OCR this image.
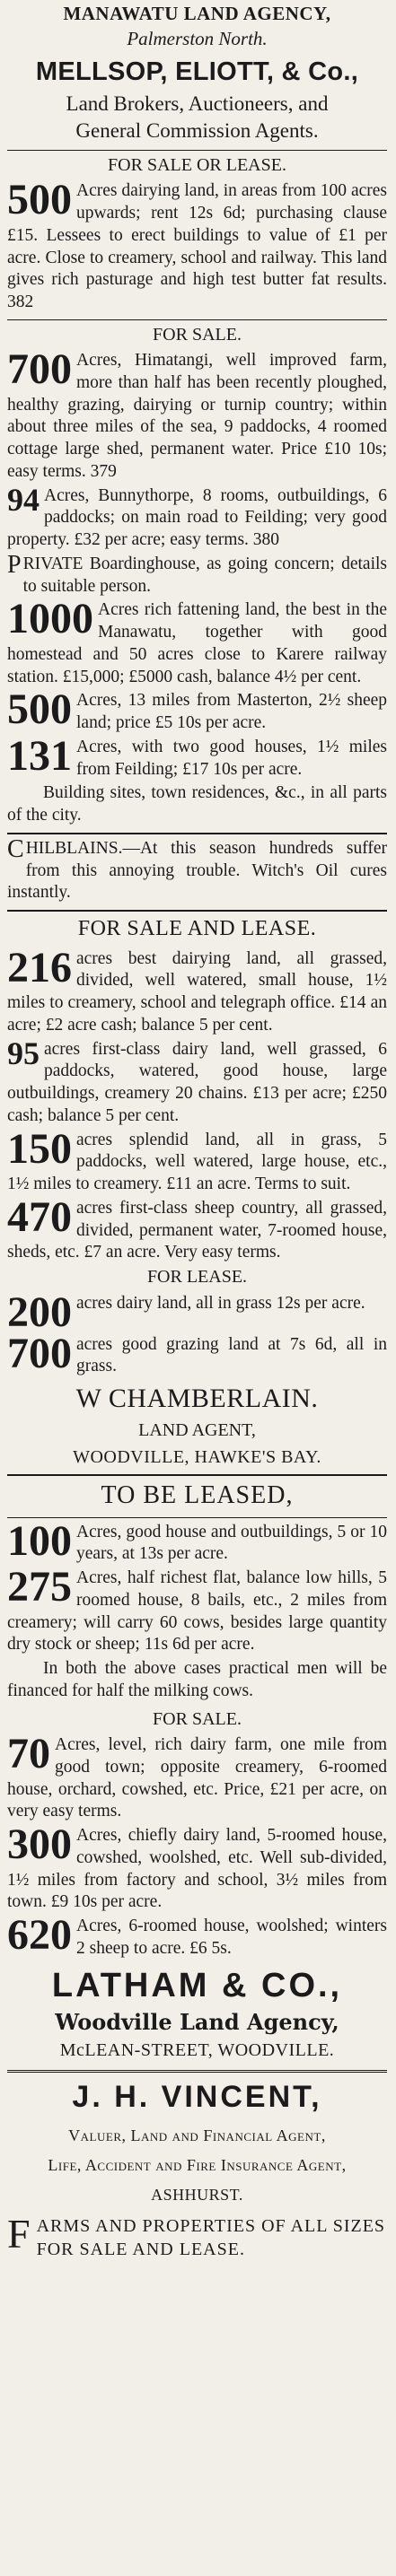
MANAWATU LAND AGENCY,
Palmerston North.
MELLSOP, ELIOTT, & Co.,
Land Brokers, Auctioneers, and
General Commission Agents.
FOR SALE OR LEASE.
500 Acres dairying land, in areas from 100 acres upwards; rent 12s 6d; purchasing clause £15. Lessees to erect buildings to value of £1 per acre. Close to creamery, school and railway. This land gives rich pasturage and high test butter fat results. 382
FOR SALE.
700 Acres, Himatangi, well improved farm, more than half has been recently ploughed, healthy grazing, dairying or turnip country; within about three miles of the sea, 9 paddocks, 4 roomed cottage large shed, permanent water. Price £10 10s; easy terms. 379
94 Acres, Bunnythorpe, 8 rooms, outbuildings, 6 paddocks; on main road to Feilding; very good property. £32 per acre; easy terms. 380
P RIVATE Boardinghouse, as going concern; details to suitable person.
1000 Acres rich fattening land, the best in the Manawatu, together with good homestead and 50 acres close to Karere railway station. £15,000; £5000 cash, balance 4½ per cent.
500 Acres, 13 miles from Masterton, 2½ sheep land; price £5 10s per acre.
131 Acres, with two good houses, 1½ miles from Feilding; £17 10s per acre.
Building sites, town residences, &c., in all parts of the city.
C HILBLAINS.—At this season hundreds suffer from this annoying trouble. Witch's Oil cures instantly.
FOR SALE AND LEASE.
216 acres best dairying land, all grassed, divided, well watered, small house, 1½ miles to creamery, school and telegraph office. £14 an acre; £2 acre cash; balance 5 per cent.
95 acres first-class dairy land, well grassed, 6 paddocks, watered, good house, large outbuildings, creamery 20 chains. £13 per acre; £250 cash; balance 5 per cent.
150 acres splendid land, all in grass, 5 paddocks, well watered, large house, etc., 1½ miles to creamery. £11 an acre. Terms to suit.
470 acres first-class sheep country, all grassed, divided, permanent water, 7-roomed house, sheds, etc. £7 an acre. Very easy terms.
FOR LEASE.
200 acres dairy land, all in grass 12s per acre.
700 acres good grazing land at 7s 6d, all in grass.
W CHAMBERLAIN.
LAND AGENT,
WOODVILLE, HAWKE'S BAY.
TO BE LEASED,
100 Acres, good house and outbuildings, 5 or 10 years, at 13s per acre.
275 Acres, half richest flat, balance low hills, 5 roomed house, 8 bails, etc., 2 miles from creamery; will carry 60 cows, besides large quantity dry stock or sheep; 11s 6d per acre.
In both the above cases practical men will be financed for half the milking cows.
FOR SALE.
70 Acres, level, rich dairy farm, one mile from good town; opposite creamery, 6-roomed house, orchard, cowshed, etc. Price, £21 per acre, on very easy terms.
300 Acres, chiefly dairy land, 5-roomed house, cowshed, woolshed, etc. Well sub-divided, 1½ miles from factory and school, 3½ miles from town. £9 10s per acre.
620 Acres, 6-roomed house, woolshed; winters 2 sheep to acre. £6 5s.
LATHAM & CO.,
Woodville Land Agency,
McLEAN-STREET, WOODVILLE.
J. H. VINCENT,
Valuer, Land and Financial Agent,
Life, Accident and Fire Insurance Agent,
ASHHURST.
F ARMS AND PROPERTIES OF ALL SIZES FOR SALE AND LEASE.
